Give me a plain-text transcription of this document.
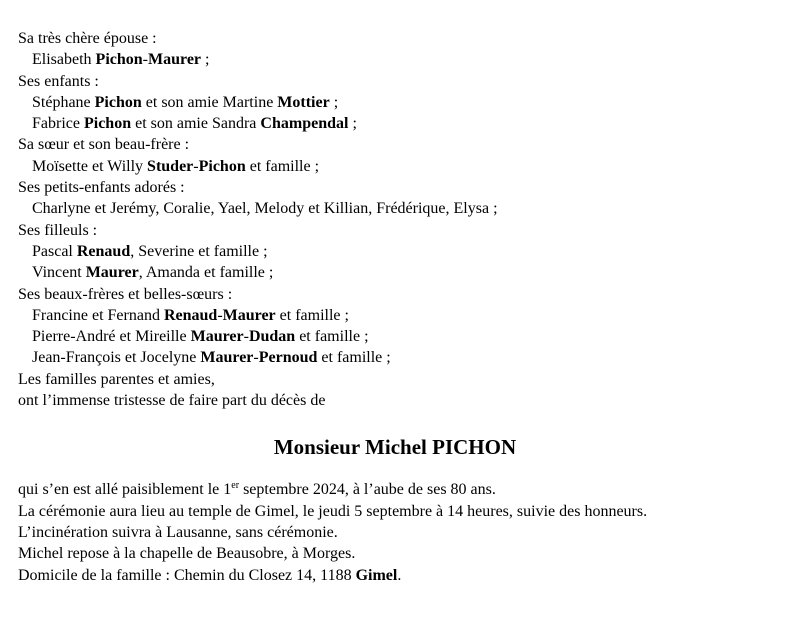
Sa très chère épouse :
Elisabeth Pichon-Maurer ;
Ses enfants :
Stéphane Pichon et son amie Martine Mottier ;
Fabrice Pichon et son amie Sandra Champendal ;
Sa sœur et son beau-frère :
Moïsette et Willy Studer-Pichon et famille ;
Ses petits-enfants adorés :
Charlyne et Jerémy, Coralie, Yael, Melody et Killian, Frédérique, Elysa ;
Ses filleuls :
Pascal Renaud, Severine et famille ;
Vincent Maurer, Amanda et famille ;
Ses beaux-frères et belles-sœurs :
Francine et Fernand Renaud-Maurer et famille ;
Pierre-André et Mireille Maurer-Dudan et famille ;
Jean-François et Jocelyne Maurer-Pernoud et famille ;
Les familles parentes et amies,
ont l’immense tristesse de faire part du décès de
Monsieur Michel PICHON
qui s’en est allé paisiblement le 1er septembre 2024, à l’aube de ses 80 ans.
La cérémonie aura lieu au temple de Gimel, le jeudi 5 septembre à 14 heures, suivie des honneurs.
L’incinération suivra à Lausanne, sans cérémonie.
Michel repose à la chapelle de Beausobre, à Morges.
Domicile de la famille : Chemin du Closez 14, 1188 Gimel.
